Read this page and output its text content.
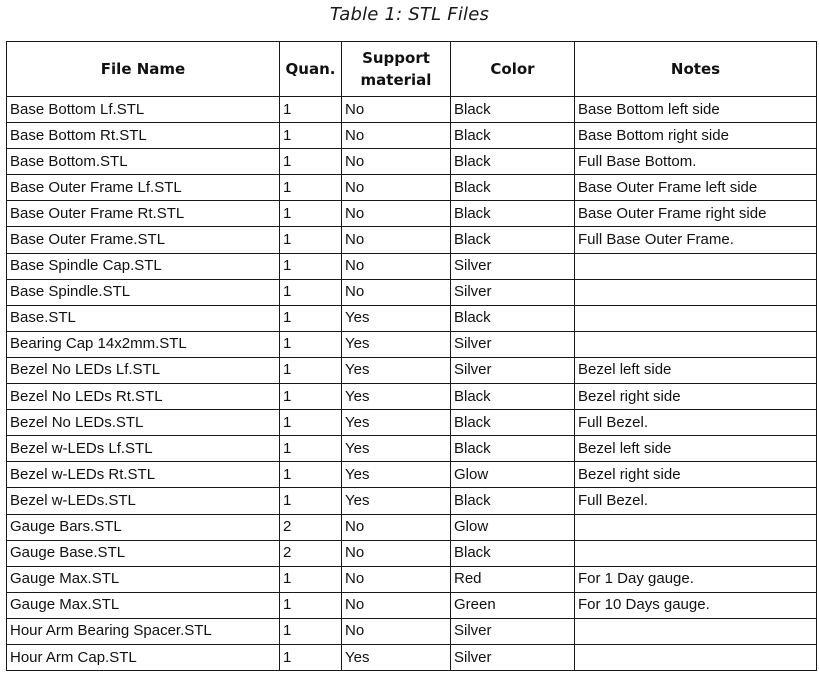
Table 1: STL Files
File Name	Quan.	Support material	Color	Notes
Base Bottom Lf.STL	1	No	Black	Base Bottom left side
Base Bottom Rt.STL	1	No	Black	Base Bottom right side
Base Bottom.STL	1	No	Black	Full Base Bottom.
Base Outer Frame Lf.STL	1	No	Black	Base Outer Frame left side
Base Outer Frame Rt.STL	1	No	Black	Base Outer Frame right side
Base Outer Frame.STL	1	No	Black	Full Base Outer Frame.
Base Spindle Cap.STL	1	No	Silver	
Base Spindle.STL	1	No	Silver	
Base.STL	1	Yes	Black	
Bearing Cap 14x2mm.STL	1	Yes	Silver	
Bezel No LEDs Lf.STL	1	Yes	Silver	Bezel left side
Bezel No LEDs Rt.STL	1	Yes	Black	Bezel right side
Bezel No LEDs.STL	1	Yes	Black	Full Bezel.
Bezel w-LEDs Lf.STL	1	Yes	Black	Bezel left side
Bezel w-LEDs Rt.STL	1	Yes	Glow	Bezel right side
Bezel w-LEDs.STL	1	Yes	Black	Full Bezel.
Gauge Bars.STL	2	No	Glow	
Gauge Base.STL	2	No	Black	
Gauge Max.STL	1	No	Red	For 1 Day gauge.
Gauge Max.STL	1	No	Green	For 10 Days gauge.
Hour Arm Bearing Spacer.STL	1	No	Silver	
Hour Arm Cap.STL	1	Yes	Silver	
